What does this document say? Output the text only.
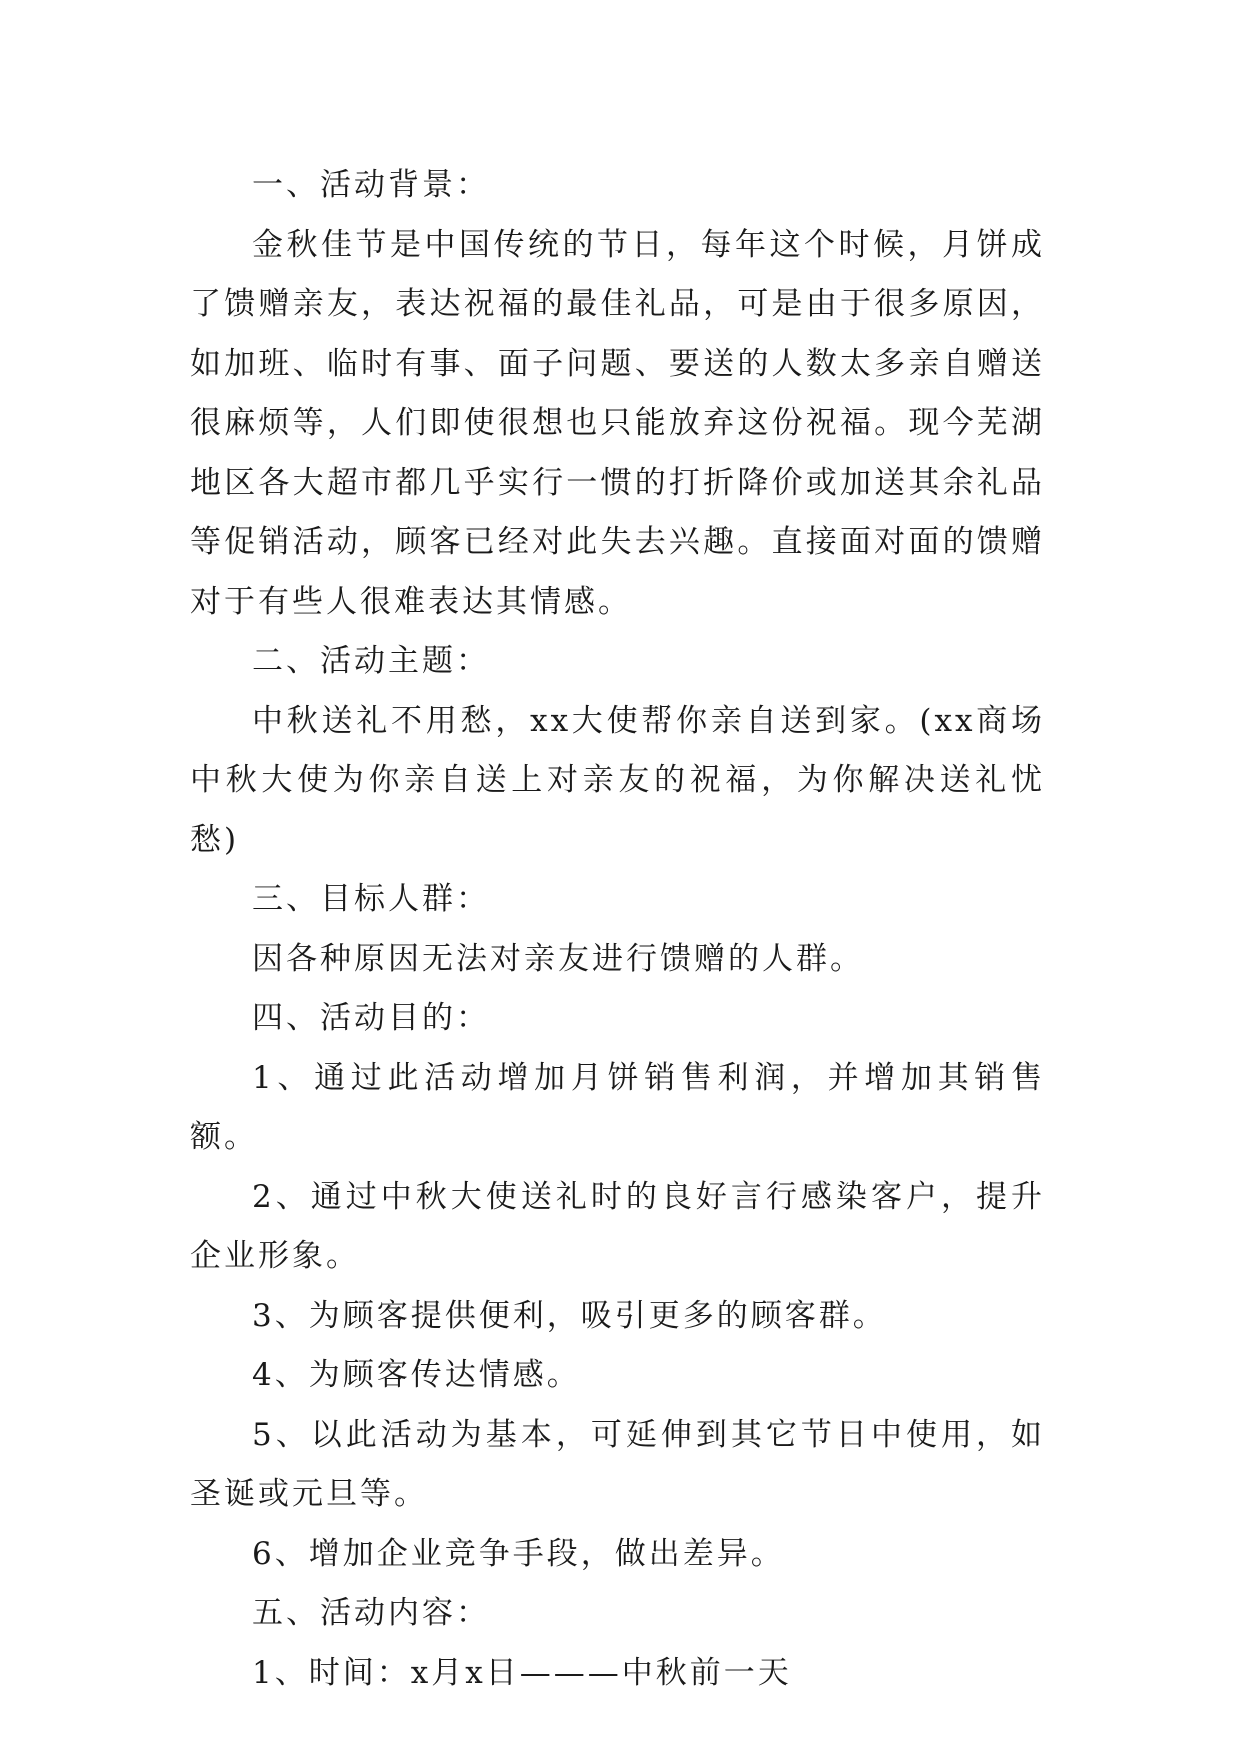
一、活动背景：

金秋佳节是中国传统的节日，每年这个时候，月饼成了馈赠亲友，表达祝福的最佳礼品，可是由于很多原因，如加班、临时有事、面子问题、要送的人数太多亲自赠送很麻烦等，人们即使很想也只能放弃这份祝福。现今芜湖地区各大超市都几乎实行一惯的打折降价或加送其余礼品等促销活动，顾客已经对此失去兴趣。直接面对面的馈赠对于有些人很难表达其情感。

二、活动主题：

中秋送礼不用愁，xx大使帮你亲自送到家。(xx商场中秋大使为你亲自送上对亲友的祝福，为你解决送礼忧愁)

三、目标人群：

因各种原因无法对亲友进行馈赠的人群。

四、活动目的：

1、通过此活动增加月饼销售利润，并增加其销售额。

2、通过中秋大使送礼时的良好言行感染客户，提升企业形象。

3、为顾客提供便利，吸引更多的顾客群。

4、为顾客传达情感。

5、以此活动为基本，可延伸到其它节日中使用，如圣诞或元旦等。

6、增加企业竞争手段，做出差异。

五、活动内容：

1、时间：x月x日———中秋前一天
